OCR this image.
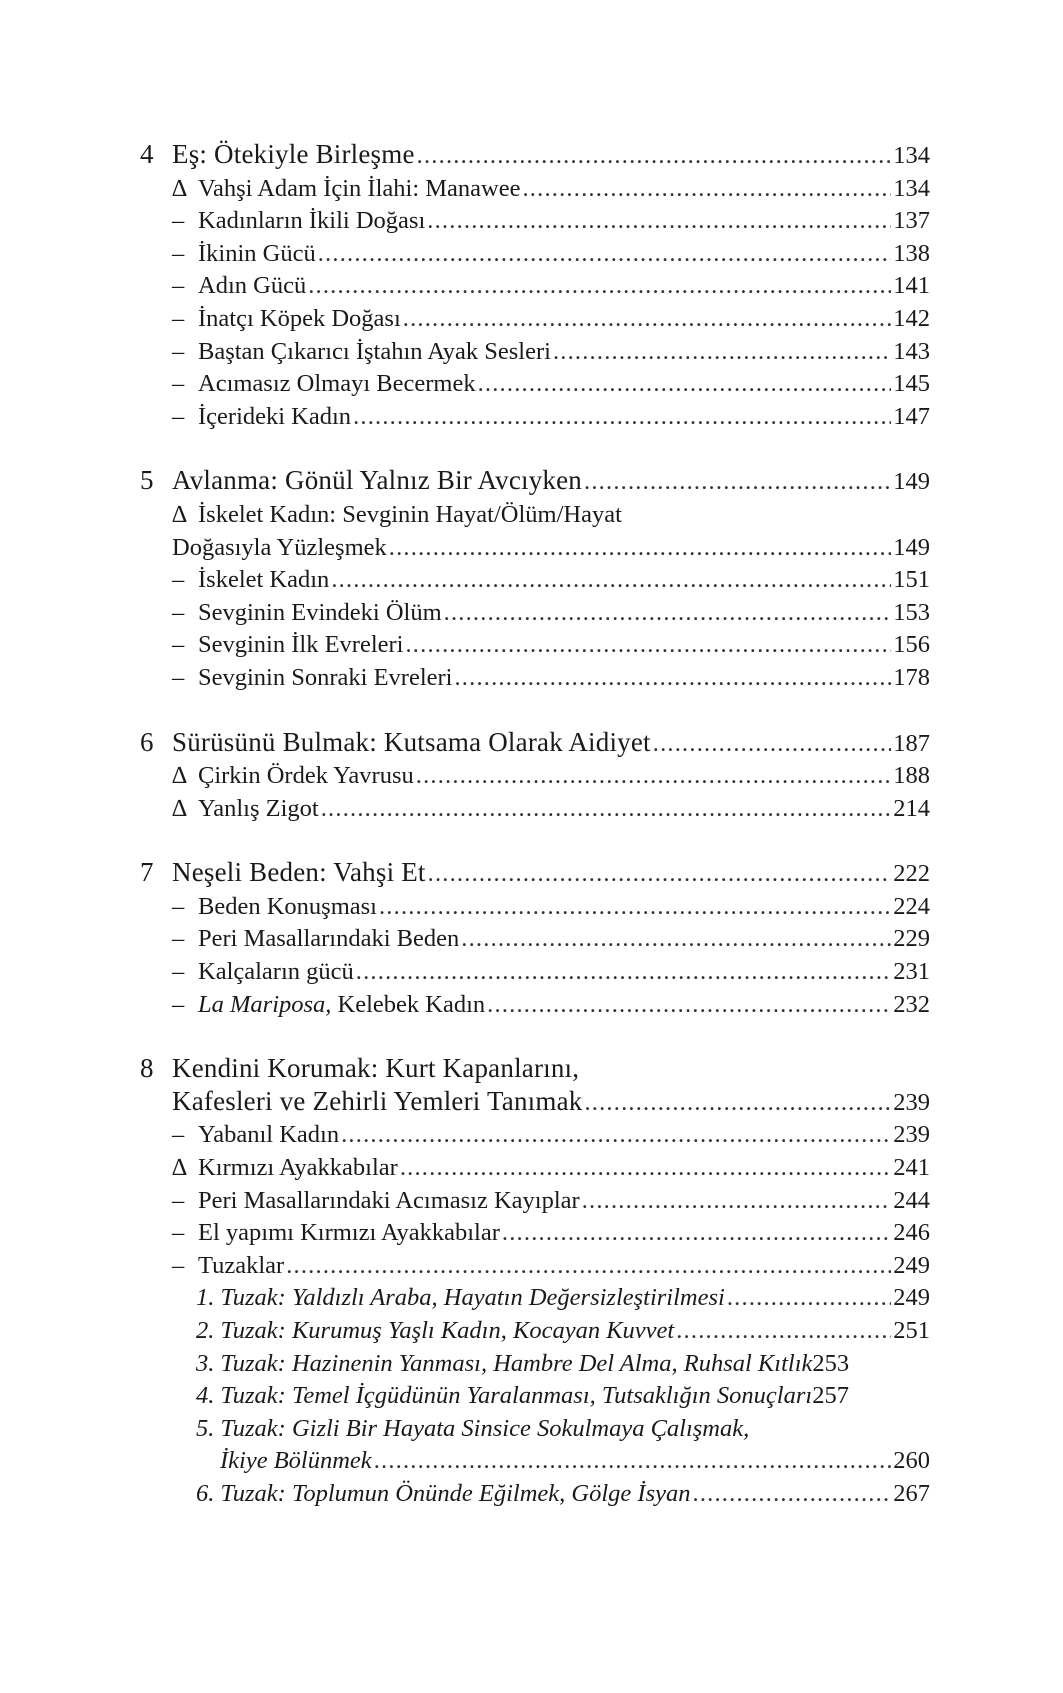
4 Eş: Ötekiyle Birleşme .....	134
∆ Vahşi Adam İçin İlahi: Manawee .....	134
– Kadınların İkili Doğası .....	137
– İkinin Gücü .....	138
– Adın Gücü .....	141
– İnatçı Köpek Doğası .....	142
– Baştan Çıkarıcı İştahın Ayak Sesleri .....	143
– Acımasız Olmayı Becermek .....	145
– İçerideki Kadın .....	147
5 Avlanma: Gönül Yalnız Bir Avcıyken .....	149
∆ İskelet Kadın: Sevginin Hayat/Ölüm/Hayat
Doğasıyla Yüzleşmek .....	149
– İskelet Kadın .....	151
– Sevginin Evindeki Ölüm .....	153
– Sevginin İlk Evreleri .....	156
– Sevginin Sonraki Evreleri .....	178
6 Sürüsünü Bulmak: Kutsama Olarak Aidiyet .....	187
∆ Çirkin Ördek Yavrusu .....	188
∆ Yanlış Zigot .....	214
7 Neşeli Beden: Vahşi Et .....	222
– Beden Konuşması .....	224
– Peri Masallarındaki Beden .....	229
– Kalçaların gücü .....	231
– La Mariposa, Kelebek Kadın .....	232
8 Kendini Korumak: Kurt Kapanlarını,
Kafesleri ve Zehirli Yemleri Tanımak .....	239
– Yabanıl Kadın .....	239
∆ Kırmızı Ayakkabılar .....	241
– Peri Masallarındaki Acımasız Kayıplar .....	244
– El yapımı Kırmızı Ayakkabılar .....	246
– Tuzaklar .....	249
1. Tuzak: Yaldızlı Araba, Hayatın Değersizleştirilmesi .....	249
2. Tuzak: Kurumuş Yaşlı Kadın, Kocayan Kuvvet .....	251
3. Tuzak: Hazinenin Yanması, Hambre Del Alma, Ruhsal Kıtlık 253
4. Tuzak: Temel İçgüdünün Yaralanması, Tutsaklığın Sonuçları 257
5. Tuzak: Gizli Bir Hayata Sinsice Sokulmaya Çalışmak,
İkiye Bölünmek .....	260
6. Tuzak: Toplumun Önünde Eğilmek, Gölge İsyan .....	267
